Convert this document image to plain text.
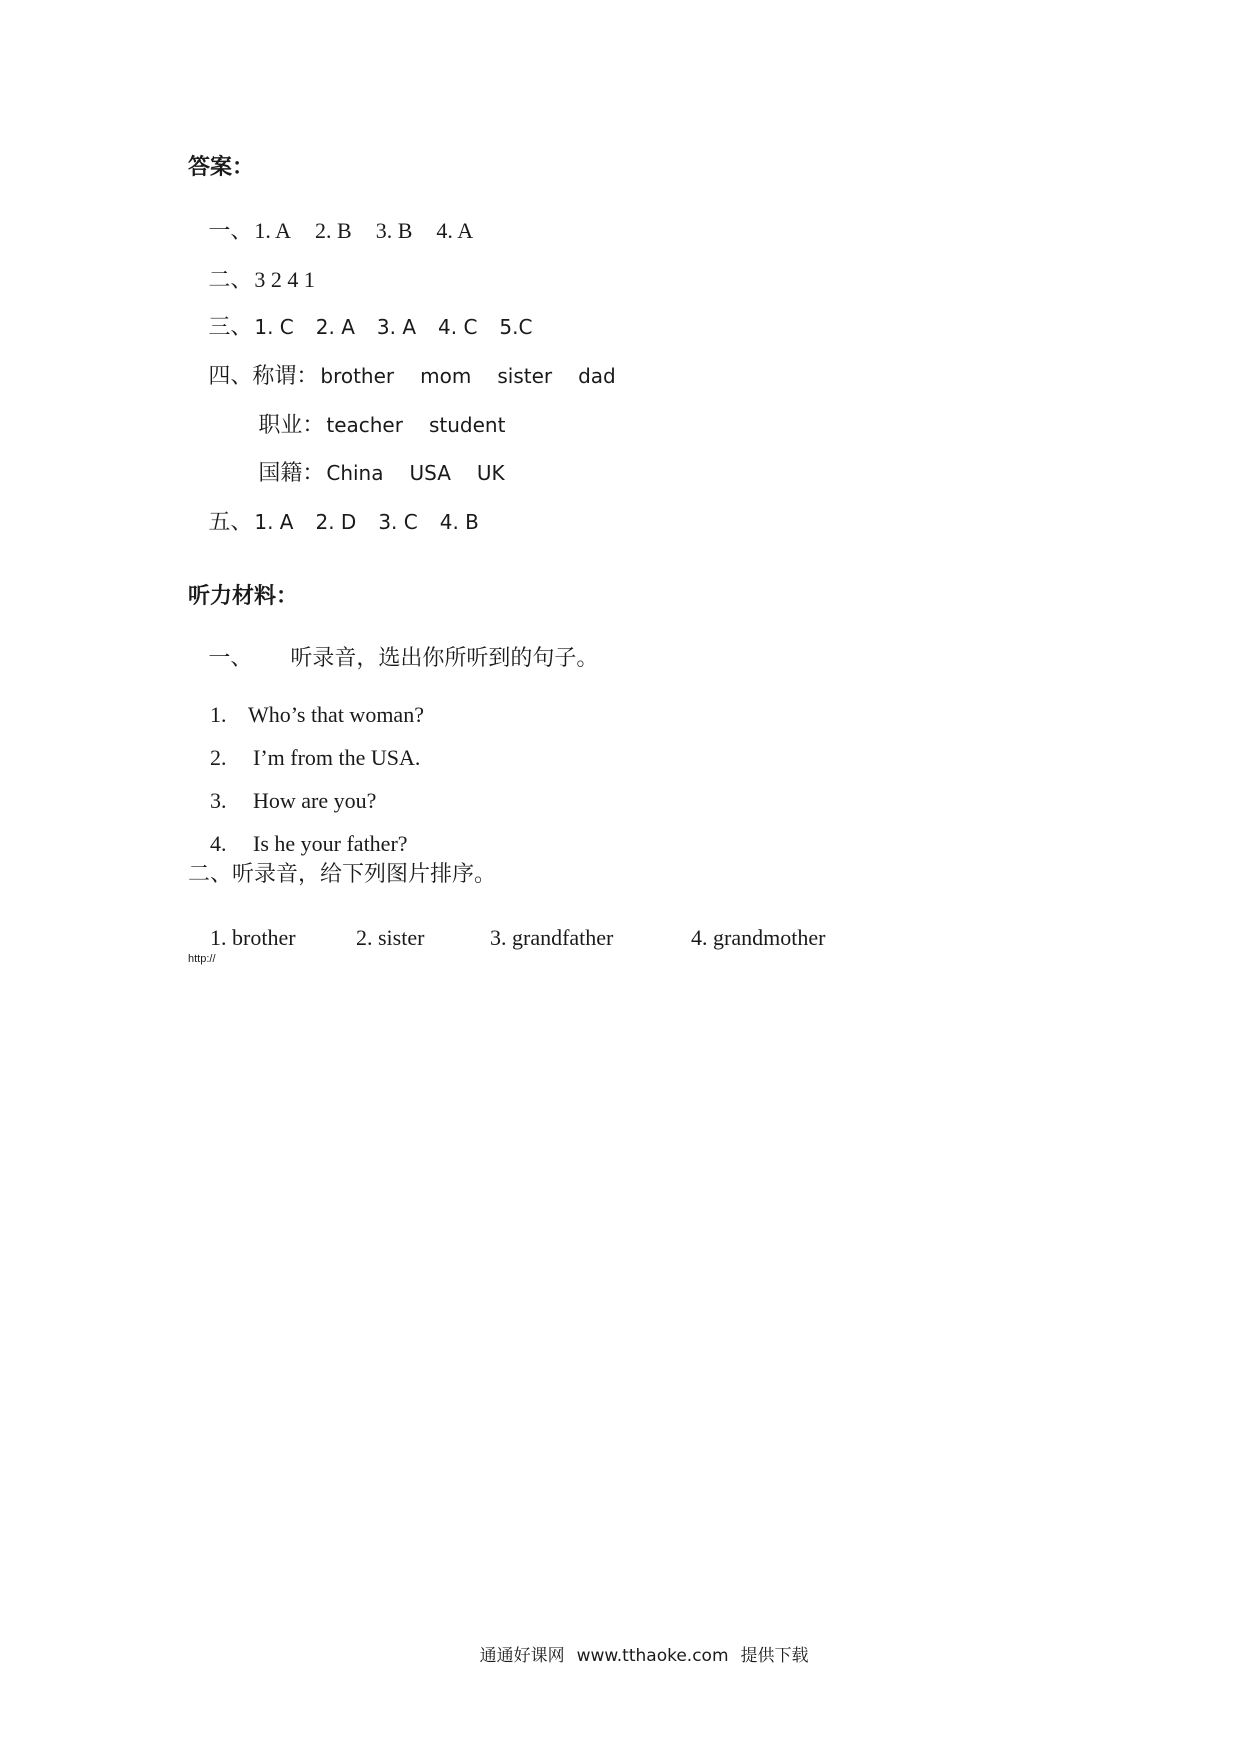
答案：

一、1. A 2. B 3. B 4. A

二、3 2 4 1

三、 1. C 2. A 3. A 4. C 5.C

四、称谓： brother mom sister dad

职业： teacher student

国籍： China USA UK

五、 1. A 2. D 3. C 4. B

听力材料：

一、 听录音，选出你所听到的句子。

1. Who’s that woman?

2. I’m from the USA.

3. How are you?

4. Is he your father?

二、听录音，给下列图片排序。

1. brother	2. sister	3. grandfather	4. grandmother

http://

通通好课网 www.tthaoke.com 提供下载
